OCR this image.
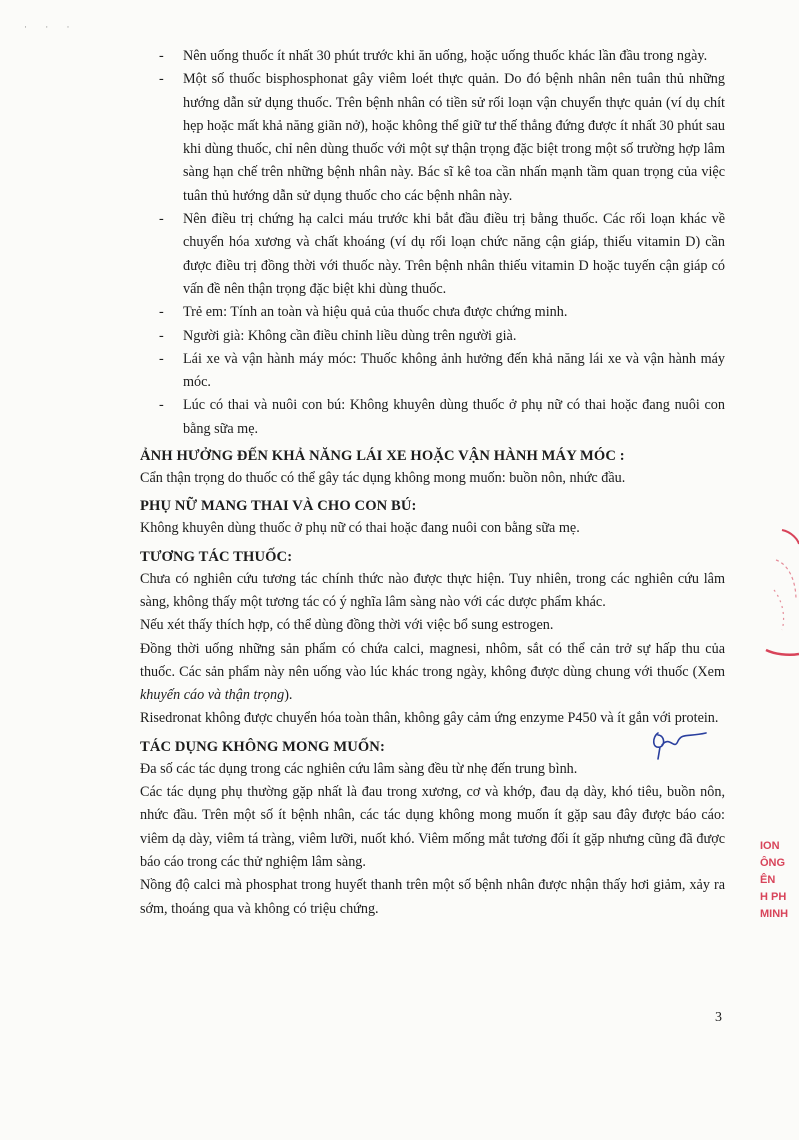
· · ·
- Nên uống thuốc ít nhất 30 phút trước khi ăn uống, hoặc uống thuốc khác lần đầu trong ngày.
- Một số thuốc bisphosphonat gây viêm loét thực quản. Do đó bệnh nhân nên tuân thủ những hướng dẫn sử dụng thuốc. Trên bệnh nhân có tiền sử rối loạn vận chuyển thực quản (ví dụ chít hẹp hoặc mất khả năng giãn nở), hoặc không thể giữ tư thế thẳng đứng được ít nhất 30 phút sau khi dùng thuốc, chỉ nên dùng thuốc với một sự thận trọng đặc biệt trong một số trường hợp lâm sàng hạn chế trên những bệnh nhân này. Bác sĩ kê toa cần nhấn mạnh tầm quan trọng của việc tuân thủ hướng dẫn sử dụng thuốc cho các bệnh nhân này.
- Nên điều trị chứng hạ calci máu trước khi bắt đầu điều trị bằng thuốc. Các rối loạn khác về chuyển hóa xương và chất khoáng (ví dụ rối loạn chức năng cận giáp, thiếu vitamin D) cần được điều trị đồng thời với thuốc này. Trên bệnh nhân thiếu vitamin D hoặc tuyến cận giáp có vấn đề nên thận trọng đặc biệt khi dùng thuốc.
- Trẻ em: Tính an toàn và hiệu quả của thuốc chưa được chứng minh.
- Người già: Không cần điều chỉnh liều dùng trên người già.
- Lái xe và vận hành máy móc: Thuốc không ảnh hưởng đến khả năng lái xe và vận hành máy móc.
- Lúc có thai và nuôi con bú: Không khuyên dùng thuốc ở phụ nữ có thai hoặc đang nuôi con bằng sữa mẹ.
ẢNH HƯỞNG ĐẾN KHẢ NĂNG LÁI XE HOẶC VẬN HÀNH MÁY MÓC :

Cẩn thận trọng do thuốc có thể gây tác dụng không mong muốn: buồn nôn, nhức đầu.

PHỤ NỮ MANG THAI VÀ CHO CON BÚ:

Không khuyên dùng thuốc ở phụ nữ có thai hoặc đang nuôi con bằng sữa mẹ.

TƯƠNG TÁC THUỐC:

Chưa có nghiên cứu tương tác chính thức nào được thực hiện. Tuy nhiên, trong các nghiên cứu lâm sàng, không thấy một tương tác có ý nghĩa lâm sàng nào với các dược phẩm khác.

Nếu xét thấy thích hợp, có thể dùng đồng thời với việc bổ sung estrogen.

Đồng thời uống những sản phẩm có chứa calci, magnesi, nhôm, sắt có thể cản trở sự hấp thu của thuốc. Các sản phẩm này nên uống vào lúc khác trong ngày, không được dùng chung với thuốc (Xem khuyến cáo và thận trọng).

Risedronat không được chuyển hóa toàn thân, không gây cảm ứng enzyme P450 và ít gắn với protein.

TÁC DỤNG KHÔNG MONG MUỐN:

Đa số các tác dụng trong các nghiên cứu lâm sàng đều từ nhẹ đến trung bình.

Các tác dụng phụ thường gặp nhất là đau trong xương, cơ và khớp, đau dạ dày, khó tiêu, buồn nôn, nhức đầu. Trên một số ít bệnh nhân, các tác dụng không mong muốn ít gặp sau đây được báo cáo: viêm dạ dày, viêm tá tràng, viêm lưỡi, nuốt khó. Viêm mống mắt tương đối ít gặp nhưng cũng đã được báo cáo trong các thử nghiệm lâm sàng.

Nồng độ calci mà phosphat trong huyết thanh trên một số bệnh nhân được nhận thấy hơi giảm, xảy ra sớm, thoáng qua và không có triệu chứng.

ION
ÔNG
ÊN
H PH
MINH
3
